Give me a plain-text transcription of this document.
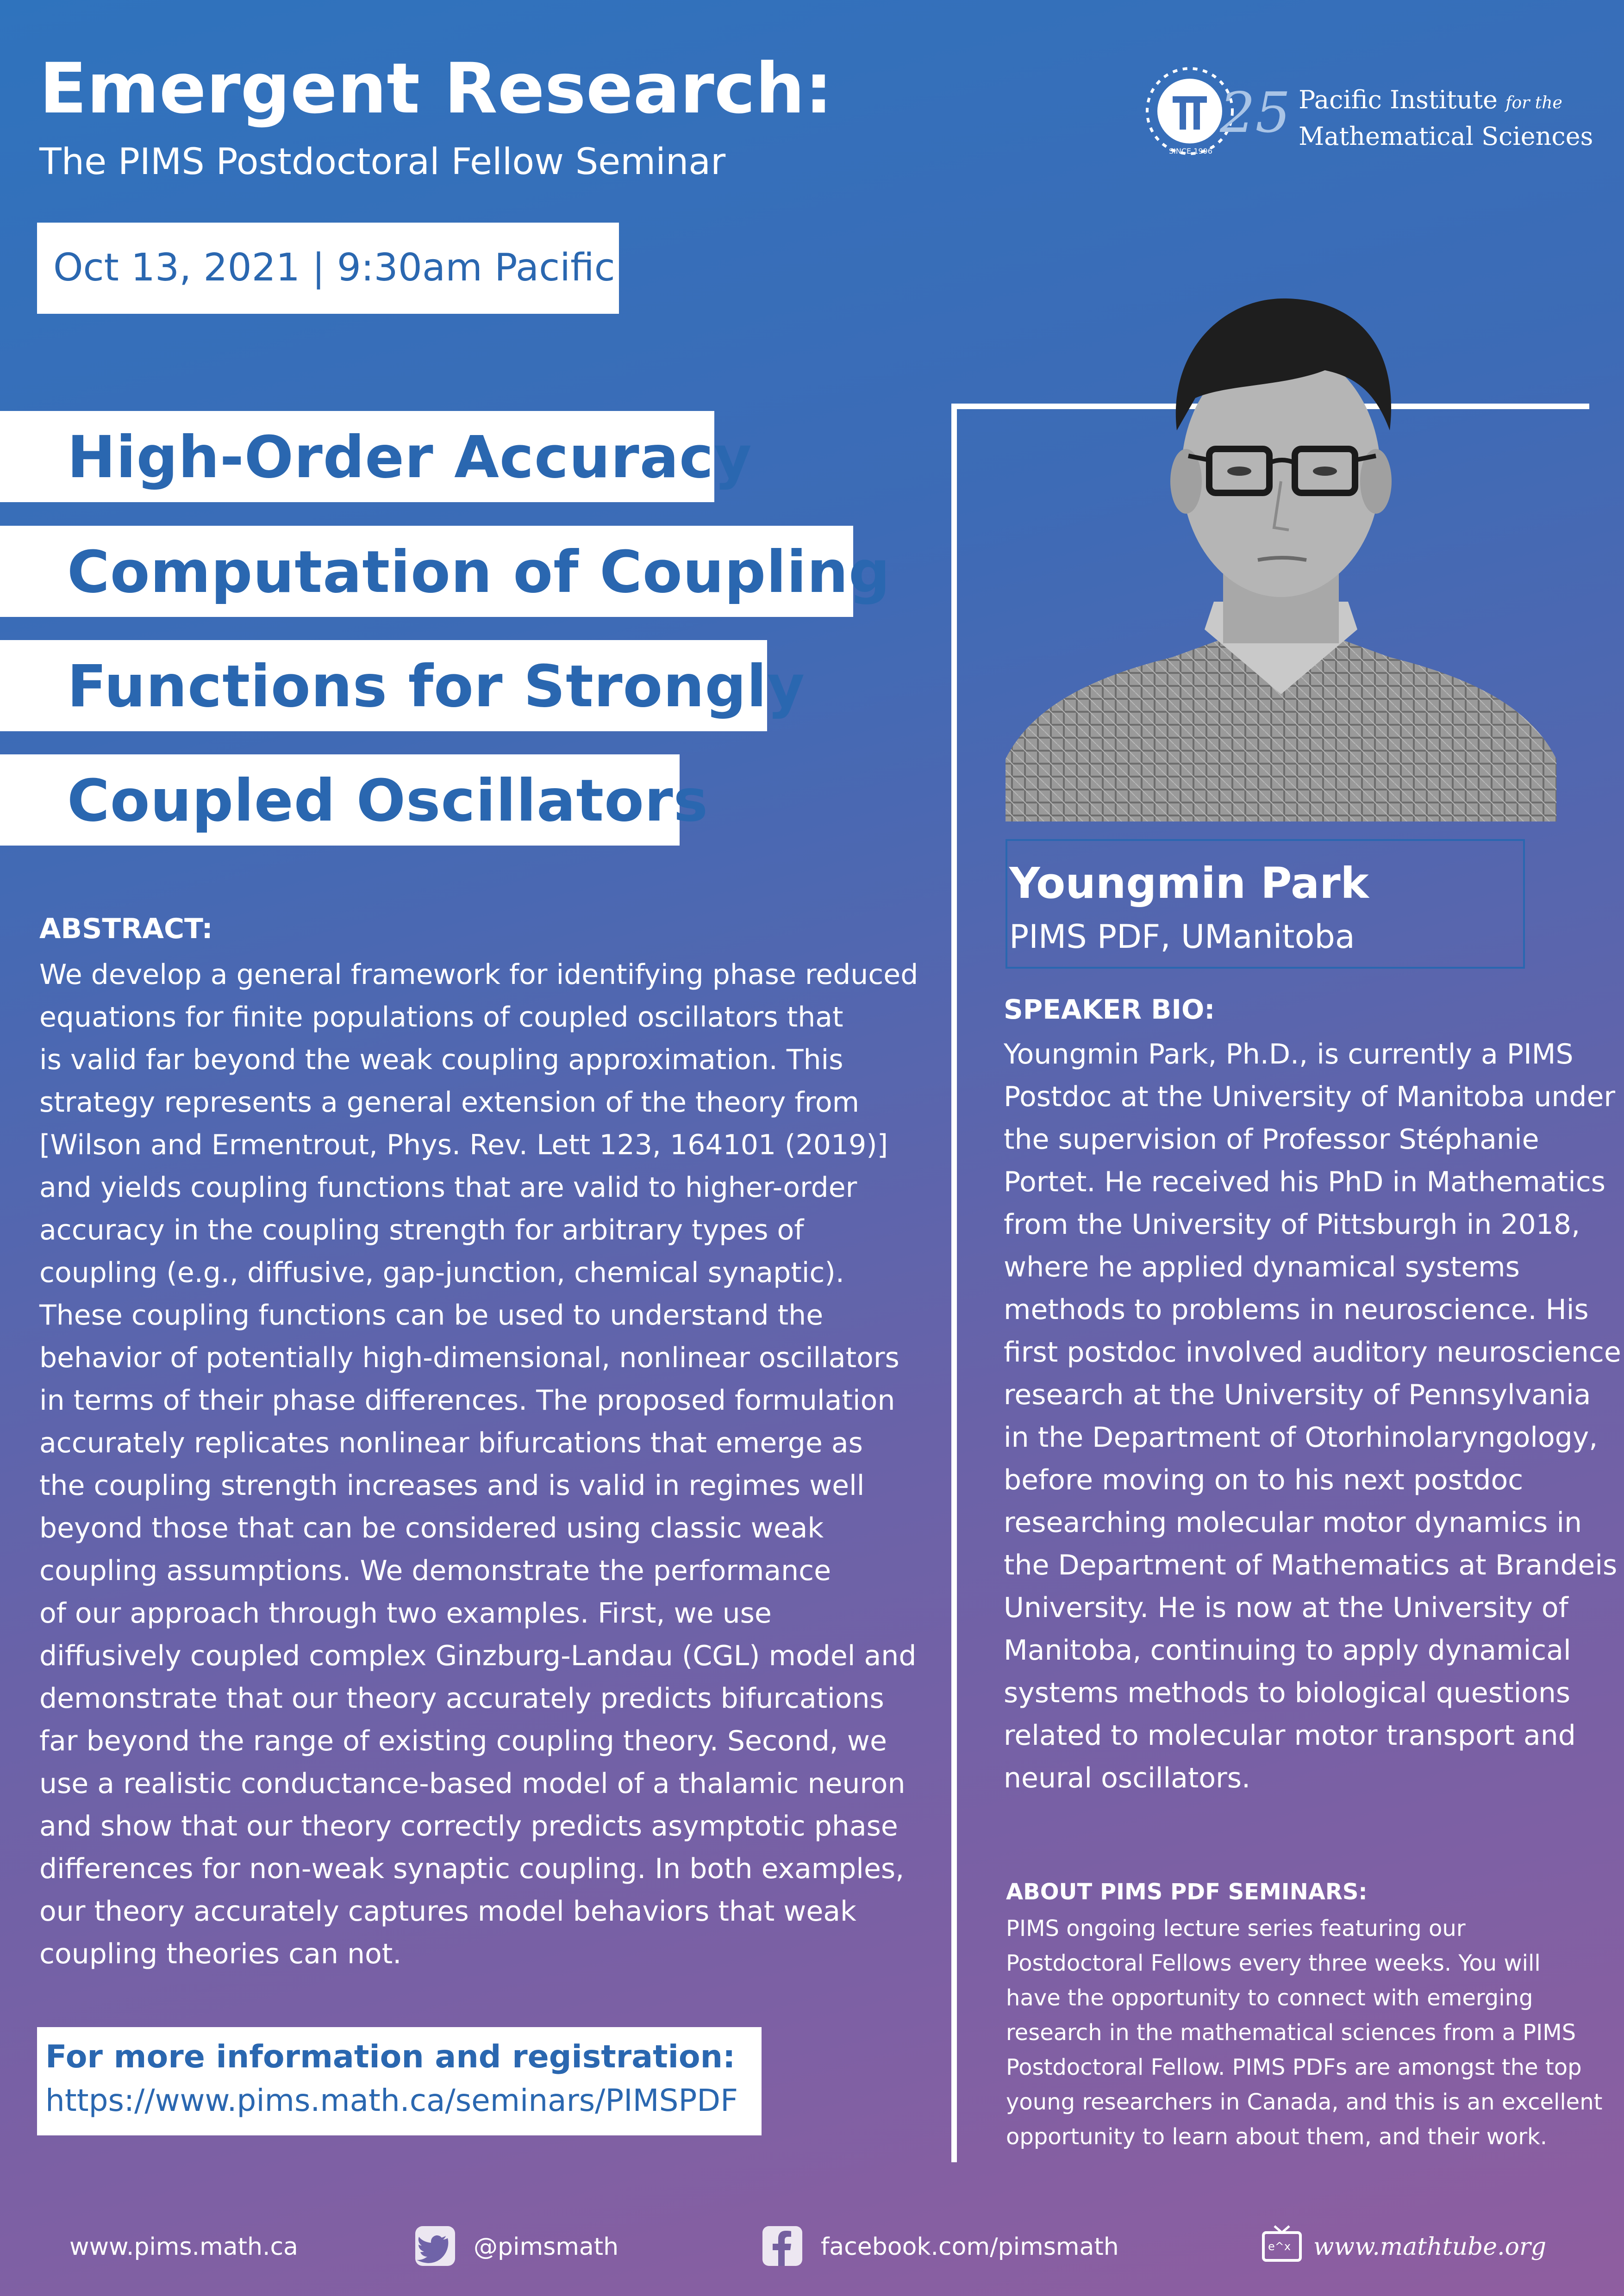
Emergent Research:
The PIMS Postdoctoral Fellow Seminar
Oct 13, 2021 | 9:30am Pacific
25
SINCE 1996
Pacific Institute for the
Mathematical Sciences
High-Order Accuracy
Computation of Coupling
Functions for Strongly
Coupled Oscillators
ABSTRACT:
We develop a general framework for identifying phase reduced
equations for finite populations of coupled oscillators that
is valid far beyond the weak coupling approximation. This
strategy represents a general extension of the theory from
[Wilson and Ermentrout, Phys. Rev. Lett 123, 164101 (2019)]
and yields coupling functions that are valid to higher-order
accuracy in the coupling strength for arbitrary types of
coupling (e.g., diffusive, gap-junction, chemical synaptic).
These coupling functions can be used to understand the
behavior of potentially high-dimensional, nonlinear oscillators
in terms of their phase differences. The proposed formulation
accurately replicates nonlinear bifurcations that emerge as
the coupling strength increases and is valid in regimes well
beyond those that can be considered using classic weak
coupling assumptions. We demonstrate the performance
of our approach through two examples. First, we use
diffusively coupled complex Ginzburg-Landau (CGL) model and
demonstrate that our theory accurately predicts bifurcations
far beyond the range of existing coupling theory. Second, we
use a realistic conductance-based model of a thalamic neuron
and show that our theory correctly predicts asymptotic phase
differences for non-weak synaptic coupling. In both examples,
our theory accurately captures model behaviors that weak
coupling theories can not.
Youngmin Park
PIMS PDF, UManitoba
SPEAKER BIO:
Youngmin Park, Ph.D., is currently a PIMS
Postdoc at the University of Manitoba under
the supervision of Professor Stéphanie
Portet. He received his PhD in Mathematics
from the University of Pittsburgh in 2018,
where he applied dynamical systems
methods to problems in neuroscience. His
first postdoc involved auditory neuroscience
research at the University of Pennsylvania
in the Department of Otorhinolaryngology,
before moving on to his next postdoc
researching molecular motor dynamics in
the Department of Mathematics at Brandeis
University. He is now at the University of
Manitoba, continuing to apply dynamical
systems methods to biological questions
related to molecular motor transport and
neural oscillators.
ABOUT PIMS PDF SEMINARS:
PIMS ongoing lecture series featuring our
Postdoctoral Fellows every three weeks. You will
have the opportunity to connect with emerging
research in the mathematical sciences from a PIMS
Postdoctoral Fellow. PIMS PDFs are amongst the top
young researchers in Canada, and this is an excellent
opportunity to learn about them, and their work.
For more information and registration:
https://www.pims.math.ca/seminars/PIMSPDF
www.pims.math.ca	@pimsmath	facebook.com/pimsmath	e^x www.mathtube.org
